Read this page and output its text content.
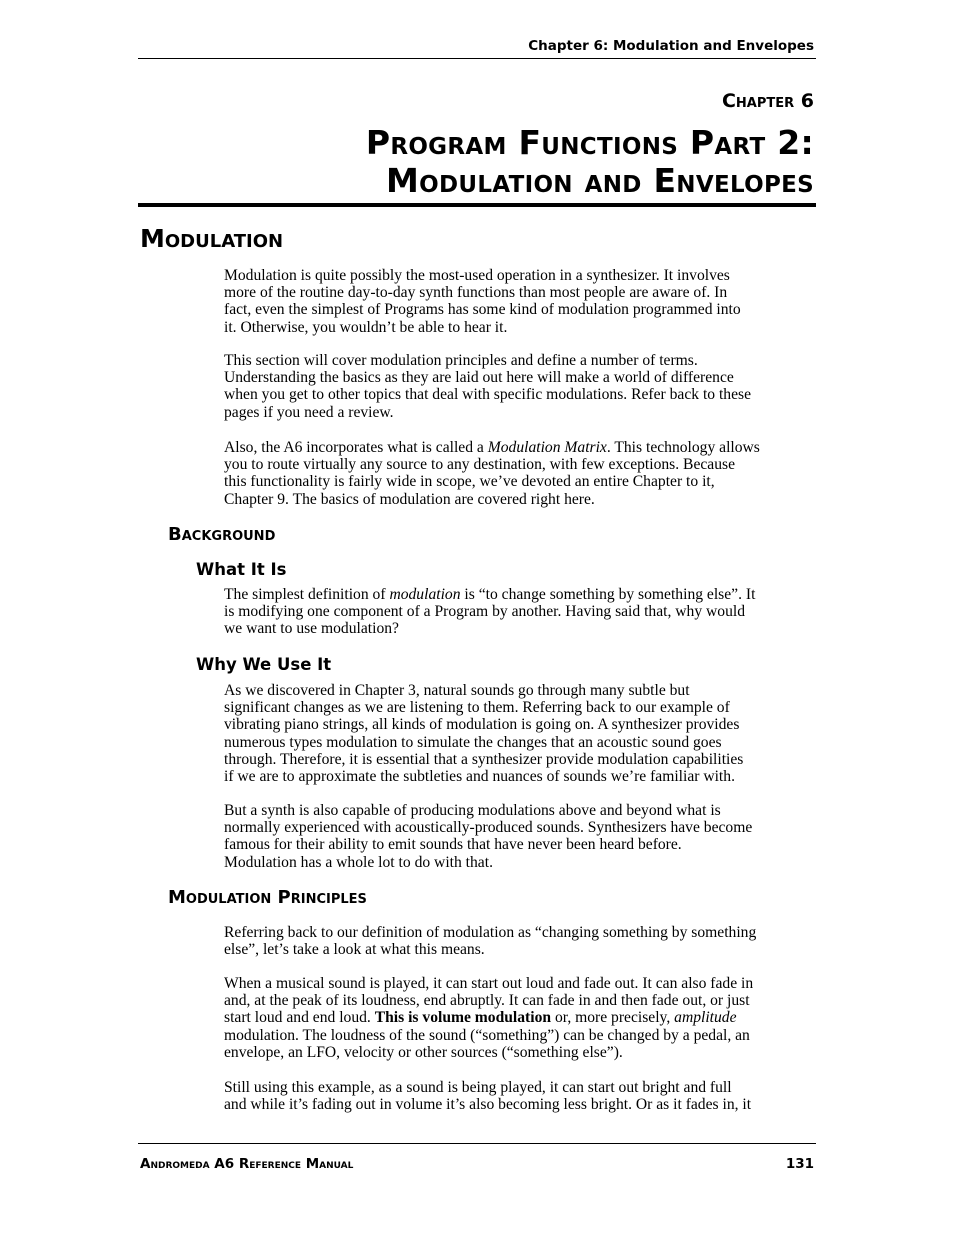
Chapter 6: Modulation and Envelopes
Chapter 6
Program Functions Part 2:
Modulation and Envelopes
Modulation
Modulation is quite possibly the most-used operation in a synthesizer. It involves
more of the routine day-to-day synth functions than most people are aware of. In
fact, even the simplest of Programs has some kind of modulation programmed into
it. Otherwise, you wouldn’t be able to hear it.
This section will cover modulation principles and define a number of terms.
Understanding the basics as they are laid out here will make a world of difference
when you get to other topics that deal with specific modulations. Refer back to these
pages if you need a review.
Also, the A6 incorporates what is called a Modulation Matrix. This technology allows
you to route virtually any source to any destination, with few exceptions. Because
this functionality is fairly wide in scope, we’ve devoted an entire Chapter to it,
Chapter 9. The basics of modulation are covered right here.
Background
What It Is
The simplest definition of modulation is “to change something by something else”. It
is modifying one component of a Program by another. Having said that, why would
we want to use modulation?
Why We Use It
As we discovered in Chapter 3, natural sounds go through many subtle but
significant changes as we are listening to them. Referring back to our example of
vibrating piano strings, all kinds of modulation is going on. A synthesizer provides
numerous types modulation to simulate the changes that an acoustic sound goes
through. Therefore, it is essential that a synthesizer provide modulation capabilities
if we are to approximate the subtleties and nuances of sounds we’re familiar with.
But a synth is also capable of producing modulations above and beyond what is
normally experienced with acoustically-produced sounds. Synthesizers have become
famous for their ability to emit sounds that have never been heard before.
Modulation has a whole lot to do with that.
Modulation Principles
Referring back to our definition of modulation as “changing something by something
else”, let’s take a look at what this means.
When a musical sound is played, it can start out loud and fade out. It can also fade in
and, at the peak of its loudness, end abruptly. It can fade in and then fade out, or just
start loud and end loud. This is volume modulation or, more precisely, amplitude
modulation. The loudness of the sound (“something”) can be changed by a pedal, an
envelope, an LFO, velocity or other sources (“something else”).
Still using this example, as a sound is being played, it can start out bright and full
and while it’s fading out in volume it’s also becoming less bright. Or as it fades in, it
Andromeda A6 Reference Manual	131
